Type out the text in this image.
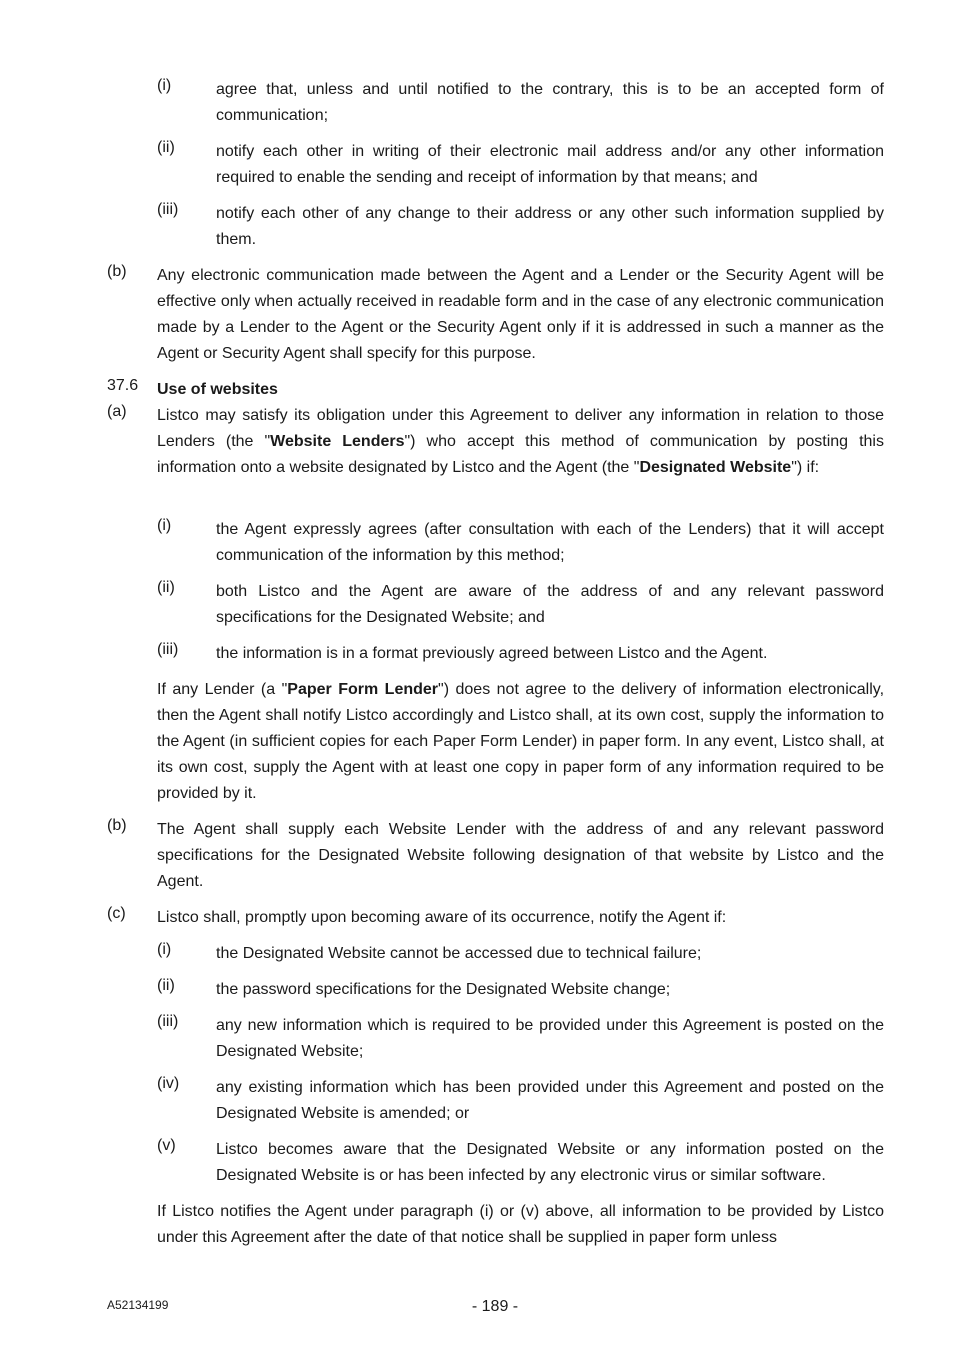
(i)	agree that, unless and until notified to the contrary, this is to be an accepted form of communication;
(ii)	notify each other in writing of their electronic mail address and/or any other information required to enable the sending and receipt of information by that means; and
(iii)	notify each other of any change to their address or any other such information supplied by them.
(b)	Any electronic communication made between the Agent and a Lender or the Security Agent will be effective only when actually received in readable form and in the case of any electronic communication made by a Lender to the Agent or the Security Agent only if it is addressed in such a manner as the Agent or Security Agent shall specify for this purpose.
37.6	Use of websites
(a)	Listco may satisfy its obligation under this Agreement to deliver any information in relation to those Lenders (the "Website Lenders") who accept this method of communication by posting this information onto a website designated by Listco and the Agent (the "Designated Website") if:
(i)	the Agent expressly agrees (after consultation with each of the Lenders) that it will accept communication of the information by this method;
(ii)	both Listco and the Agent are aware of the address of and any relevant password specifications for the Designated Website; and
(iii)	the information is in a format previously agreed between Listco and the Agent.
If any Lender (a "Paper Form Lender") does not agree to the delivery of information electronically, then the Agent shall notify Listco accordingly and Listco shall, at its own cost, supply the information to the Agent (in sufficient copies for each Paper Form Lender) in paper form. In any event, Listco shall, at its own cost, supply the Agent with at least one copy in paper form of any information required to be provided by it.
(b)	The Agent shall supply each Website Lender with the address of and any relevant password specifications for the Designated Website following designation of that website by Listco and the Agent.
(c)	Listco shall, promptly upon becoming aware of its occurrence, notify the Agent if:
(i)	the Designated Website cannot be accessed due to technical failure;
(ii)	the password specifications for the Designated Website change;
(iii)	any new information which is required to be provided under this Agreement is posted on the Designated Website;
(iv)	any existing information which has been provided under this Agreement and posted on the Designated Website is amended; or
(v)	Listco becomes aware that the Designated Website or any information posted on the Designated Website is or has been infected by any electronic virus or similar software.
If Listco notifies the Agent under paragraph (i) or (v) above, all information to be provided by Listco under this Agreement after the date of that notice shall be supplied in paper form unless
A52134199	- 189 -
